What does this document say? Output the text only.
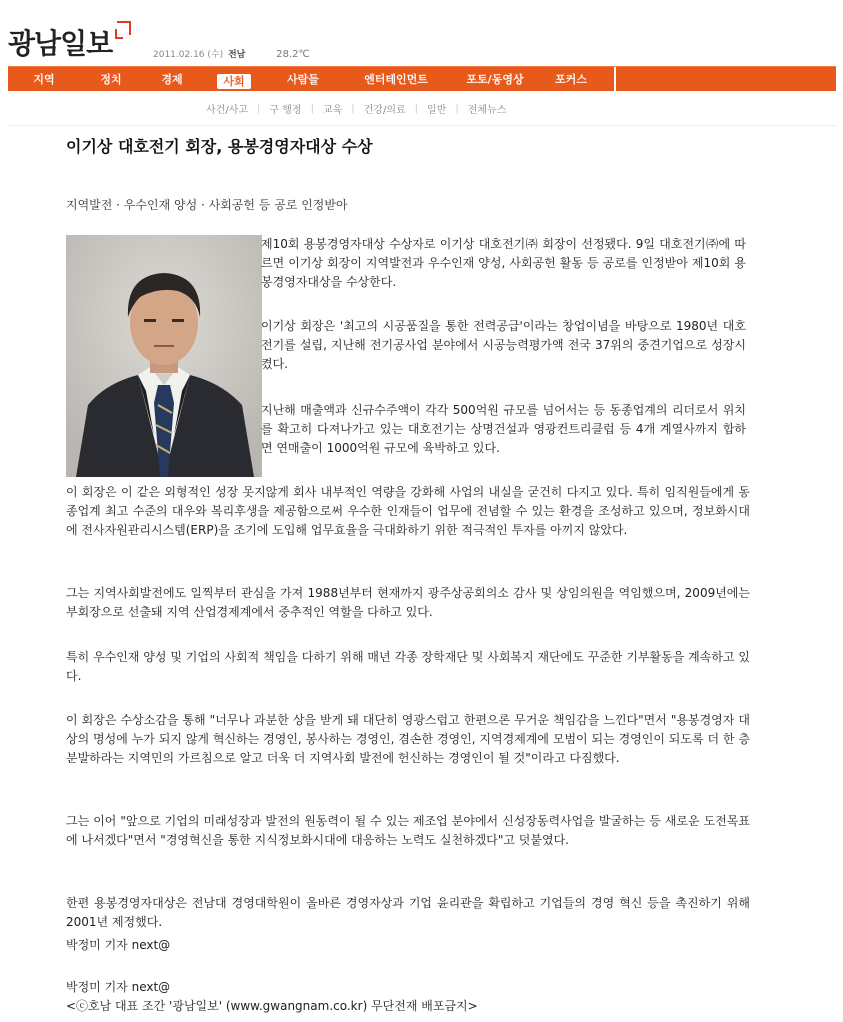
광남일보	2011.02.16 (수) 전남	28.2℃
지역	정치	경제	사회	사람들	엔터테인먼트	포토/동영상	포커스
사건/사고 | 구 행정 | 교육 | 건강/의료 | 일반 | 전체뉴스
이기상 대호전기 회장, 용봉경영자대상 수상
지역발전 · 우수인재 양성 · 사회공헌 등 공로 인정받아
제10회 용봉경영자대상 수상자로 이기상 대호전기㈜ 회장이 선정됐다. 9일 대호전기㈜에 따르면 이기상 회장이 지역발전과 우수인재 양성, 사회공헌 활동 등 공로를 인정받아 제10회 용봉경영자대상을 수상한다.
이기상 회장은 '최고의 시공품질을 통한 전력공급'이라는 창업이념을 바탕으로 1980년 대호전기를 설립, 지난해 전기공사업 분야에서 시공능력평가액 전국 37위의 중견기업으로 성장시켰다.
지난해 매출액과 신규수주액이 각각 500억원 규모를 넘어서는 등 동종업계의 리더로서 위치를 확고히 다져나가고 있는 대호전기는 상명건설과 영광컨트리클럽 등 4개 계열사까지 합하면 연매출이 1000억원 규모에 육박하고 있다.
이 회장은 이 같은 외형적인 성장 못지않게 회사 내부적인 역량을 강화해 사업의 내실을 굳건히 다지고 있다. 특히 임직원들에게 동종업계 최고 수준의 대우와 복리후생을 제공함으로써 우수한 인재들이 업무에 전념할 수 있는 환경을 조성하고 있으며, 정보화시대에 전사자원관리시스템(ERP)을 조기에 도입해 업무효율을 극대화하기 위한 적극적인 투자를 아끼지 않았다.
그는 지역사회발전에도 일찍부터 관심을 가져 1988년부터 현재까지 광주상공회의소 감사 및 상임의원을 역임했으며, 2009년에는 부회장으로 선출돼 지역 산업경제계에서 중추적인 역할을 다하고 있다.
특히 우수인재 양성 및 기업의 사회적 책임을 다하기 위해 매년 각종 장학재단 및 사회복지 재단에도 꾸준한 기부활동을 계속하고 있다.
이 회장은 수상소감을 통해 "너무나 과분한 상을 받게 돼 대단히 영광스럽고 한편으론 무거운 책임감을 느낀다"면서 "용봉경영자 대상의 명성에 누가 되지 않게 혁신하는 경영인, 봉사하는 경영인, 겸손한 경영인, 지역경제계에 모범이 되는 경영인이 되도록 더 한 층 분발하라는 지역민의 가르침으로 알고 더욱 더 지역사회 발전에 헌신하는 경영인이 될 것"이라고 다짐했다.
그는 이어 "앞으로 기업의 미래성장과 발전의 원동력이 될 수 있는 제조업 분야에서 신성장동력사업을 발굴하는 등 새로운 도전목표에 나서겠다"면서 "경영혁신을 통한 지식정보화시대에 대응하는 노력도 실천하겠다"고 덧붙였다.
한편 용봉경영자대상은 전남대 경영대학원이 올바른 경영자상과 기업 윤리관을 확립하고 기업들의 경영 혁신 등을 촉진하기 위해 2001년 제정했다.
박정미 기자 next@
박정미 기자 next@
<ⓒ호남 대표 조간 '광남일보' (www.gwangnam.co.kr) 무단전재 배포금지>
